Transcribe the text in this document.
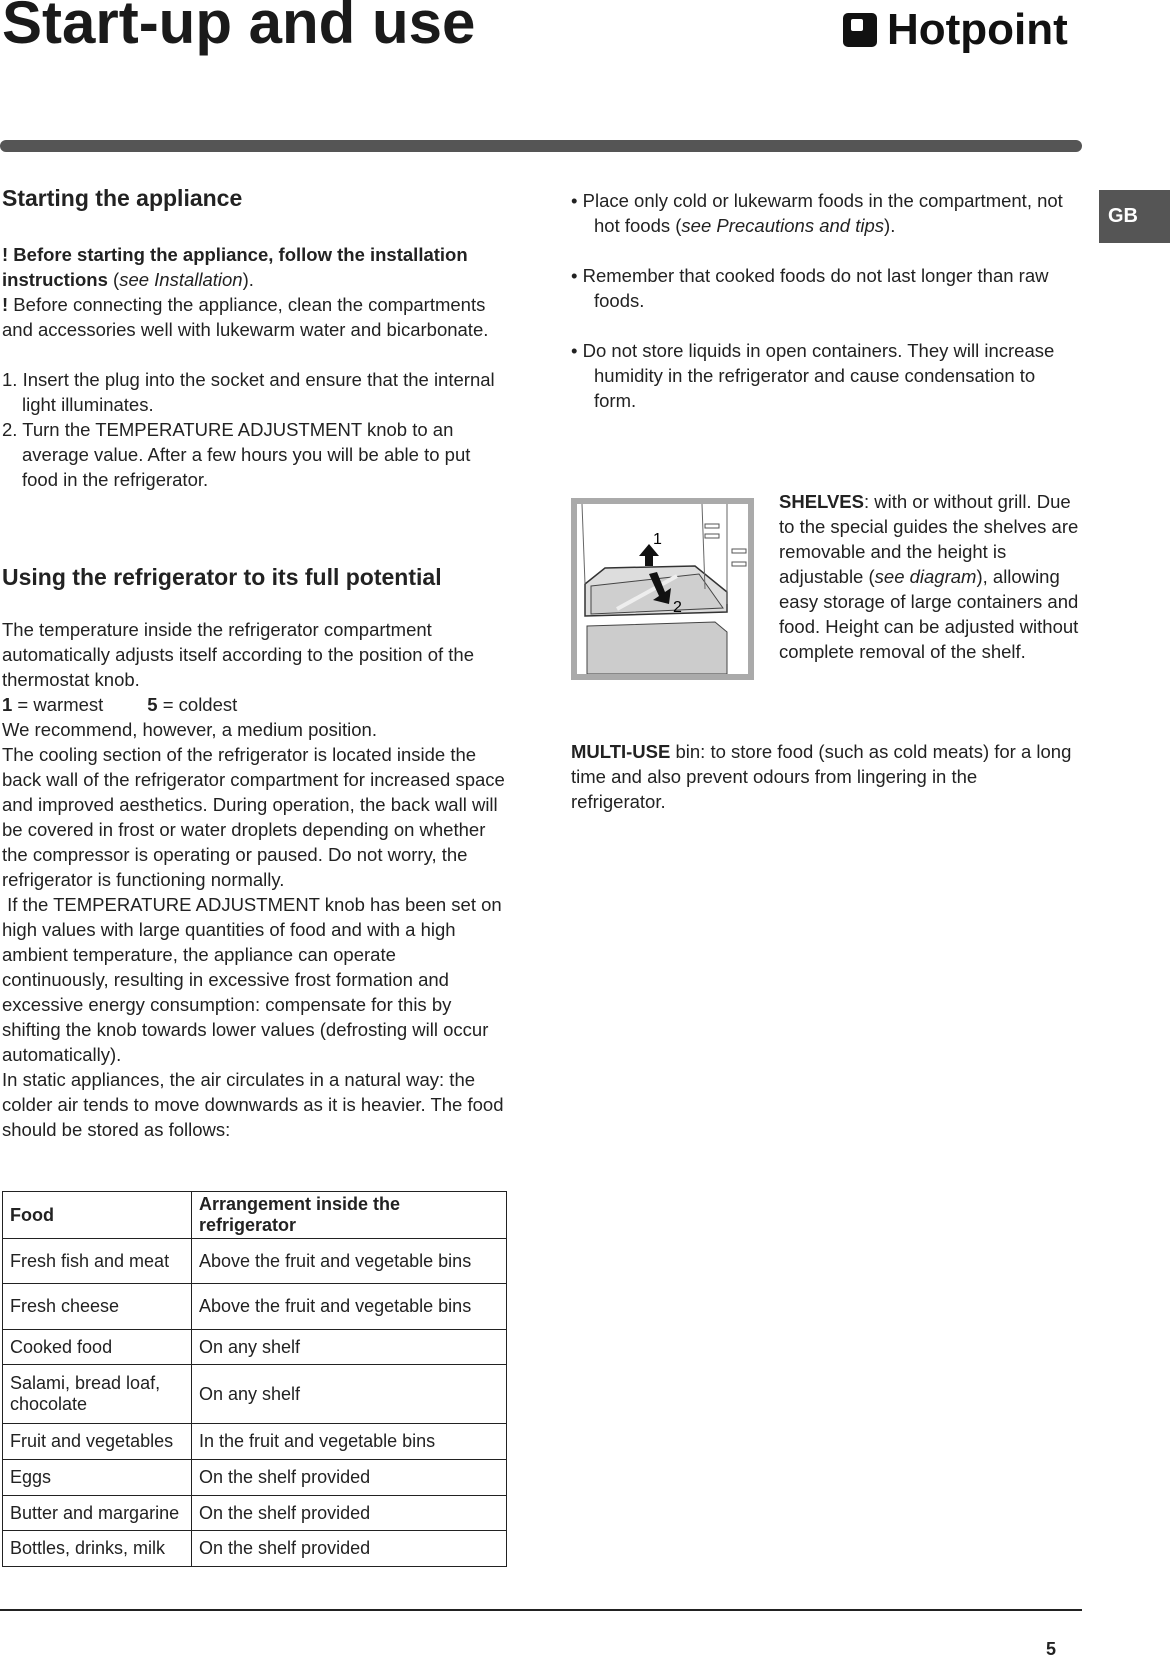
Start-up and use	Hotpoint
GB
Starting the appliance

! Before starting the appliance, follow the installation instructions (see Installation).

! Before connecting the appliance, clean the compartments and accessories well with lukewarm water and bicarbonate.

1. Insert the plug into the socket and ensure that the internal light illuminates.

2. Turn the TEMPERATURE ADJUSTMENT knob to an average value. After a few hours you will be able to put food in the refrigerator.

Using the refrigerator to its full potential

The temperature inside the refrigerator compartment automatically adjusts itself according to the position of the thermostat knob.

1 = warmest 5 = coldest

We recommend, however, a medium position.

The cooling section of the refrigerator is located inside the back wall of the refrigerator compartment for increased space and improved aesthetics. During operation, the back wall will be covered in frost or water droplets depending on whether the compressor is operating or paused. Do not worry, the refrigerator is functioning normally.

If the TEMPERATURE ADJUSTMENT knob has been set on high values with large quantities of food and with a high ambient temperature, the appliance can operate continuously, resulting in excessive frost formation and excessive energy consumption: compensate for this by shifting the knob towards lower values (defrosting will occur automatically).

In static appliances, the air circulates in a natural way: the colder air tends to move downwards as it is heavier. The food should be stored as follows:

Food	Arrangement inside the refrigerator
Fresh fish and meat	Above the fruit and vegetable bins
Fresh cheese	Above the fruit and vegetable bins
Cooked food	On any shelf
Salami, bread loaf, chocolate	On any shelf
Fruit and vegetables	In the fruit and vegetable bins
Eggs	On the shelf provided
Butter and margarine	On the shelf provided
Bottles, drinks, milk	On the shelf provided

• Place only cold or lukewarm foods in the compartment, not hot foods (see Precautions and tips).

• Remember that cooked foods do not last longer than raw foods.

• Do not store liquids in open containers. They will increase humidity in the refrigerator and cause condensation to form.

1
2

SHELVES: with or without grill. Due to the special guides the shelves are removable and the height is adjustable (see diagram), allowing easy storage of large containers and food. Height can be adjusted without complete removal of the shelf.

MULTI-USE bin: to store food (such as cold meats) for a long time and also prevent odours from lingering in the refrigerator.

5
